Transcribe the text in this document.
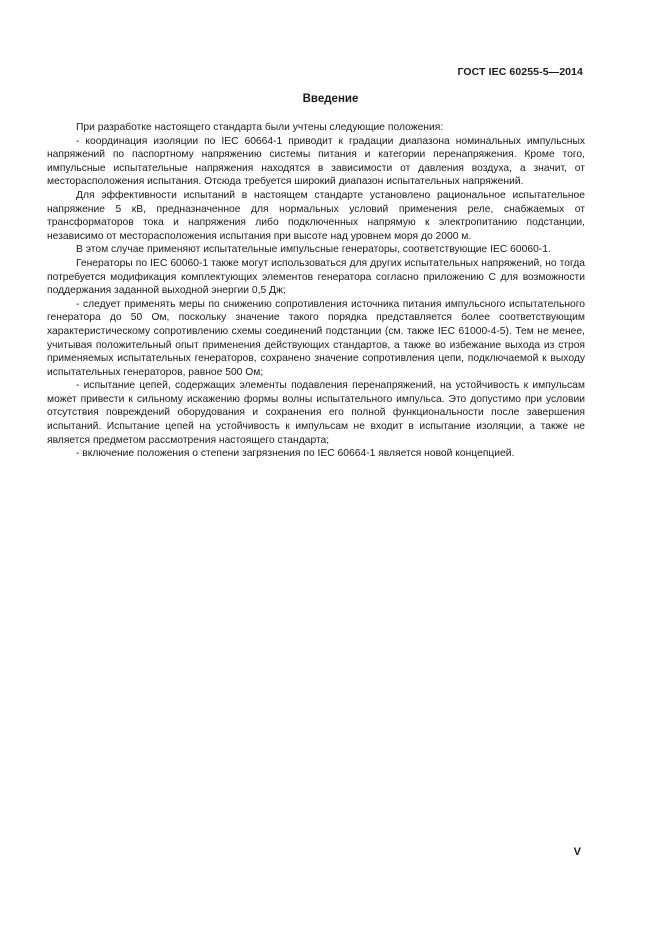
ГОСТ IEC 60255-5—2014
Введение

При разработке настоящего стандарта были учтены следующие положения:

- координация изоляции по IEC 60664-1 приводит к градации диапазона номинальных импульсных напряжений по паспортному напряжению системы питания и категории перенапряжения. Кроме того, импульсные испытательные напряжения находятся в зависимости от давления воздуха, а значит, от месторасположения испытания. Отсюда требуется широкий диапазон испытательных напряжений.

Для эффективности испытаний в настоящем стандарте установлено рациональное испытательное напряжение 5 кВ, предназначенное для нормальных условий применения реле, снабжаемых от трансформаторов тока и напряжения либо подключенных напрямую к электропитанию подстанции, независимо от месторасположения испытания при высоте над уровнем моря до 2000 м.

В этом случае применяют испытательные импульсные генераторы, соответствующие IEC 60060-1.

Генераторы по IEC 60060-1 также могут использоваться для других испытательных напряжений, но тогда потребуется модификация комплектующих элементов генератора согласно приложению С для возможности поддержания заданной выходной энергии 0,5 Дж;

- следует применять меры по снижению сопротивления источника питания импульсного испытательного генератора до 50 Ом, поскольку значение такого порядка представляется более соответствующим характеристическому сопротивлению схемы соединений подстанции (см. также IEC 61000-4-5). Тем не менее, учитывая положительный опыт применения действующих стандартов, а также во избежание выхода из строя применяемых испытательных генераторов, сохранено значение сопротивления цепи, подключаемой к выходу испытательных генераторов, равное 500 Ом;

- испытание цепей, содержащих элементы подавления перенапряжений, на устойчивость к импульсам может привести к сильному искажению формы волны испытательного импульса. Это допустимо при условии отсутствия повреждений оборудования и сохранения его полной функциональности после завершения испытаний. Испытание цепей на устойчивость к импульсам не входит в испытание изоляции, а также не является предметом рассмотрения настоящего стандарта;

- включение положения о степени загрязнения по IEC 60664-1 является новой концепцией.

V
